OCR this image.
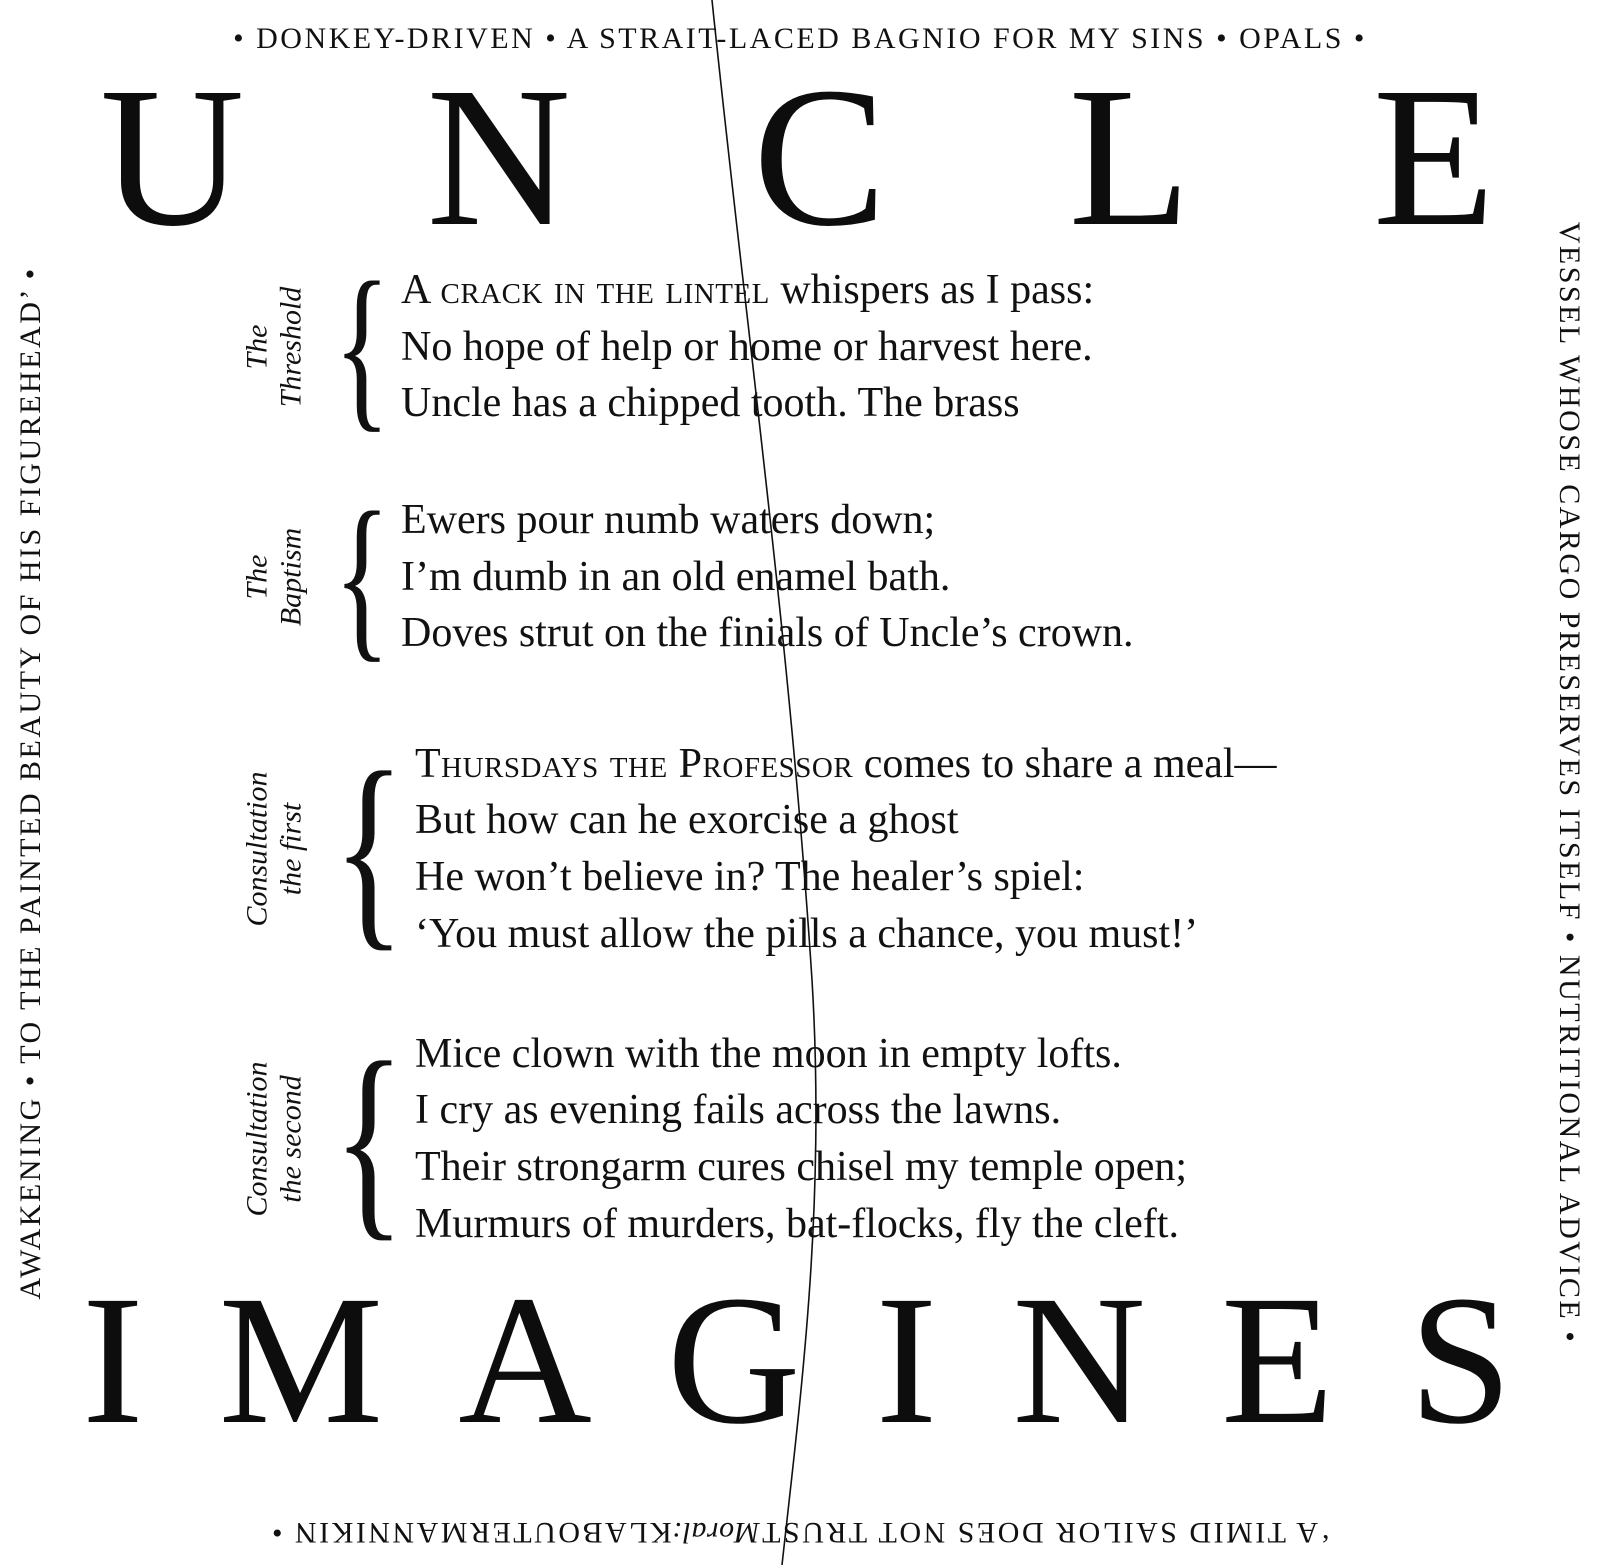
• DONKEY-DRIVEN • A STRAIT-LACED BAGNIO FOR MY SINS • OPALS •
AWAKENING • TO THE PAINTED BEAUTY OF HIS FIGUREHEAD’ •	VESSEL WHOSE CARGO PRESERVES ITSELF • NUTRITIONAL ADVICE •
‘A TIMID SAILOR DOES NOT TRUSTMoral:KLABOUTERMANNIKIN •
U N C L E
The Threshold { A crack in the lintel whispers as I pass:
No hope of help or home or harvest here.
Uncle has a chipped tooth. The brass
The Baptism { Ewers pour numb waters down;
I’m dumb in an old enamel bath.
Doves strut on the finials of Uncle’s crown.
Consultation the first { Thursdays the Professor comes to share a meal—
But how can he exorcise a ghost
He won’t believe in? The healer’s spiel:
‘You must allow the pills a chance, you must!’
Consultation the second { Mice clown with the moon in empty lofts.
I cry as evening fails across the lawns.
Their strongarm cures chisel my temple open;
Murmurs of murders, bat-flocks, fly the cleft.
I M A G I N E S
